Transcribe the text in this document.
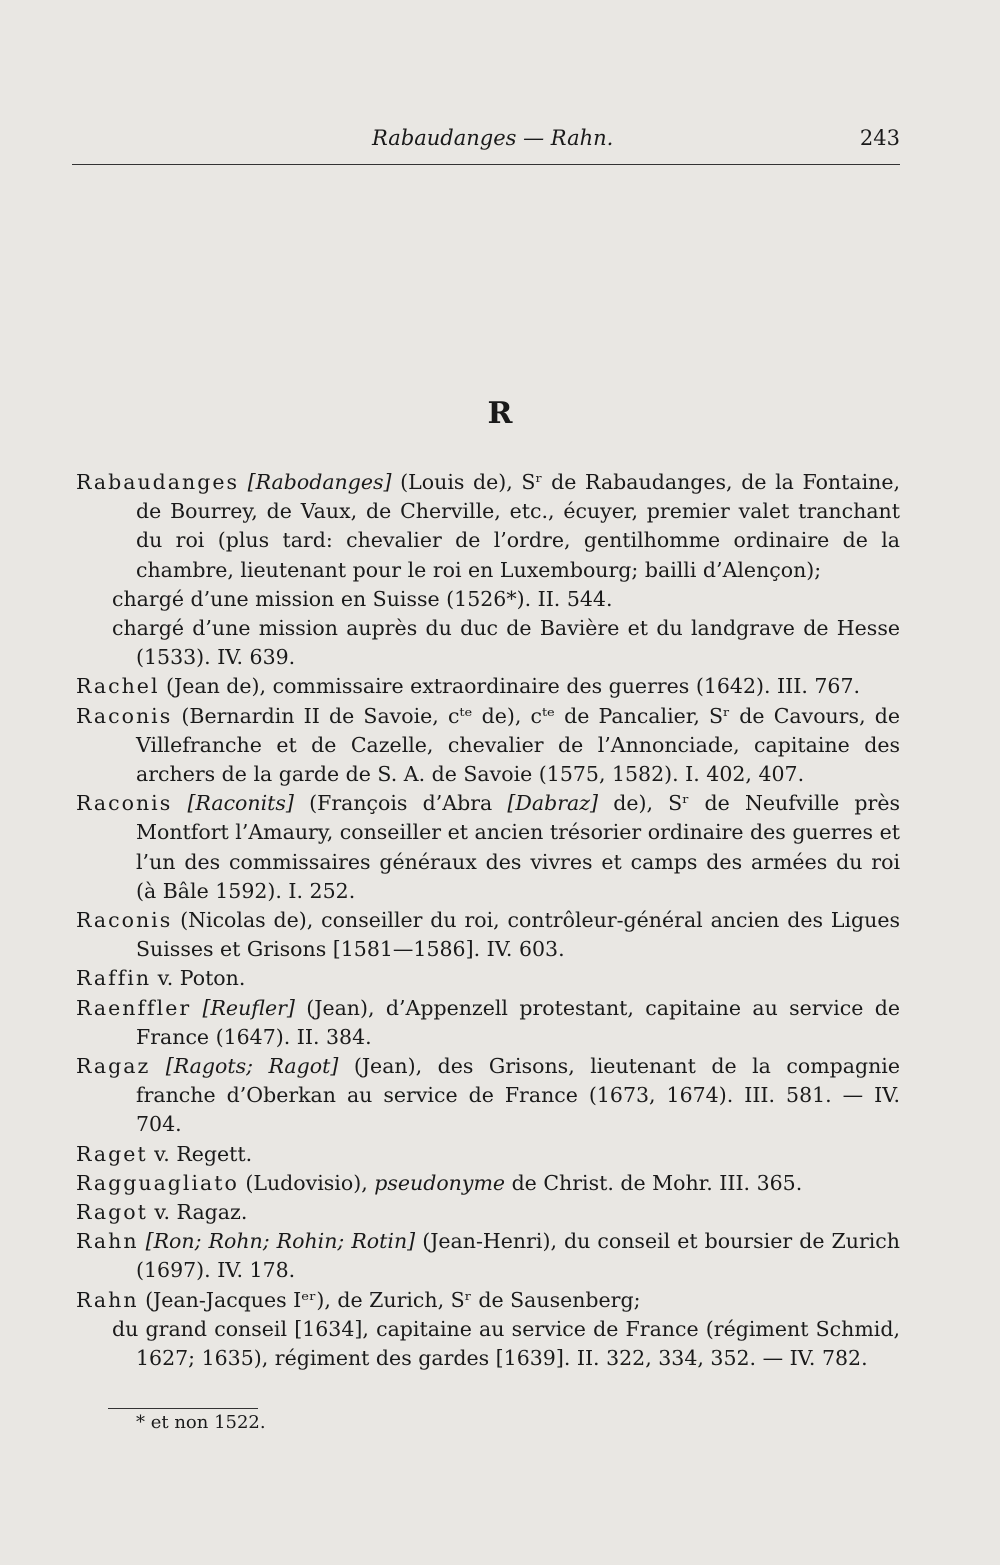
Rabaudanges — Rahn.	243
R
Rabaudanges [Rabodanges] (Louis de), Sʳ de Rabaudanges, de la Fontaine, de Bourrey, de Vaux, de Cherville, etc., écuyer, premier valet tranchant du roi (plus tard: chevalier de l’ordre, gentilhomme ordinaire de la chambre, lieutenant pour le roi en Luxembourg; bailli d’Alençon);
chargé d’une mission en Suisse (1526*). II. 544.
chargé d’une mission auprès du duc de Bavière et du landgrave de Hesse (1533). IV. 639.
Rachel (Jean de), commissaire extraordinaire des guerres (1642). III. 767.
Raconis (Bernardin II de Savoie, cᵗᵉ de), cᵗᵉ de Pancalier, Sʳ de Cavours, de Villefranche et de Cazelle, chevalier de l’Annonciade, capitaine des archers de la garde de S. A. de Savoie (1575, 1582). I. 402, 407.
Raconis [Raconits] (François d’Abra [Dabraz] de), Sʳ de Neufville près Montfort l’Amaury, conseiller et ancien trésorier ordinaire des guerres et l’un des commissaires généraux des vivres et camps des armées du roi (à Bâle 1592). I. 252.
Raconis (Nicolas de), conseiller du roi, contrôleur-général ancien des Ligues Suisses et Grisons [1581—1586]. IV. 603.
Raffin v. Poton.
Raenffler [Reufler] (Jean), d’Appenzell protestant, capitaine au service de France (1647). II. 384.
Ragaz [Ragots; Ragot] (Jean), des Grisons, lieutenant de la compagnie franche d’Oberkan au service de France (1673, 1674). III. 581. — IV. 704.
Raget v. Regett.
Ragguagliato (Ludovisio), pseudonyme de Christ. de Mohr. III. 365.
Ragot v. Ragaz.
Rahn [Ron; Rohn; Rohin; Rotin] (Jean-Henri), du conseil et boursier de Zurich (1697). IV. 178.
Rahn (Jean-Jacques Iᵉʳ), de Zurich, Sʳ de Sausenberg;
du grand conseil [1634], capitaine au service de France (régiment Schmid, 1627; 1635), régiment des gardes [1639]. II. 322, 334, 352. — IV. 782.
* et non 1522.
